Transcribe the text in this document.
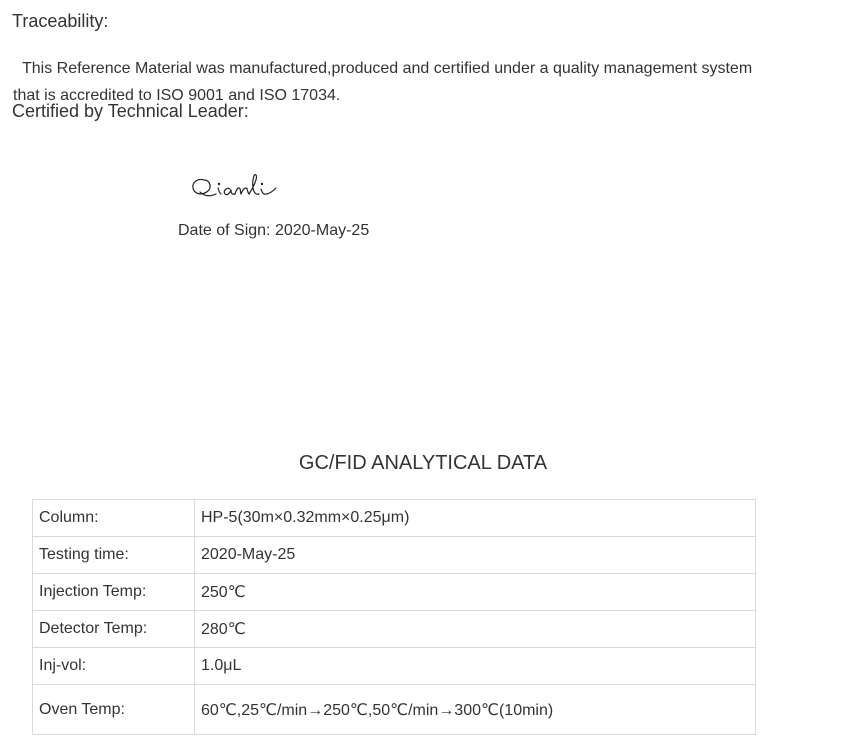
Traceability:
This Reference Material was manufactured,produced and certified under a quality management system
that is accredited to ISO 9001 and ISO 17034.
Certified by Technical Leader:
Date of Sign: 2020-May-25
GC/FID ANALYTICAL DATA
Column:	HP-5(30m×0.32mm×0.25μm)
Testing time:	2020-May-25
Injection Temp:	250℃
Detector Temp:	280℃
Inj-vol:	1.0μL
Oven Temp:	60℃,25℃/min→250℃,50℃/min→300℃(10min)
